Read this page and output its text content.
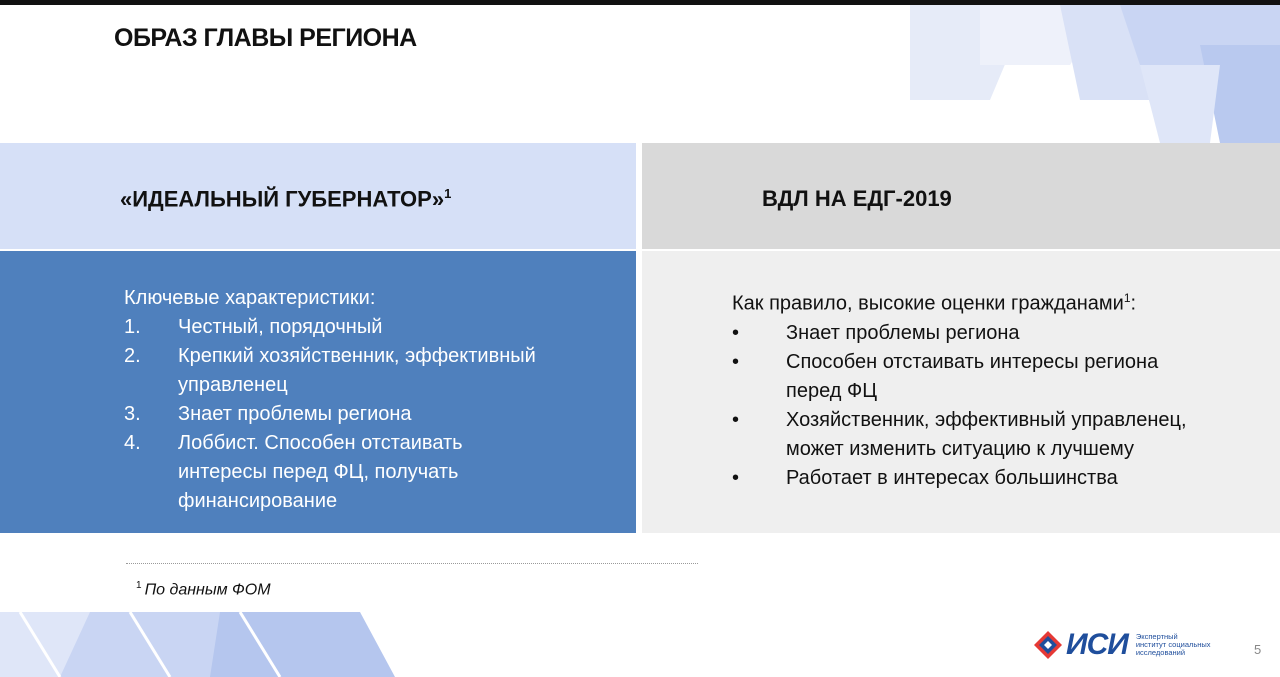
ОБРАЗ ГЛАВЫ РЕГИОНА
«ИДЕАЛЬНЫЙ ГУБЕРНАТОР»$^1$	ВДЛ НА ЕДГ-2019
Ключевые характеристики:
1.	Честный, порядочный
2.	Крепкий хозяйственник, эффективный управленец
3.	Знает проблемы региона
4.	Лоббист. Способен отстаивать интересы перед ФЦ, получать финансирование
Как правило, высокие оценки гражданами$^1$:
•	Знает проблемы региона
•	Способен отстаивать интересы региона перед ФЦ
•	Хозяйственник, эффективный управленец, может изменить ситуацию к лучшему
•	Работает в интересах большинства
$^1$ По данным ФОМ
ИСИ Экспертный
институт социальных
исследований	5
